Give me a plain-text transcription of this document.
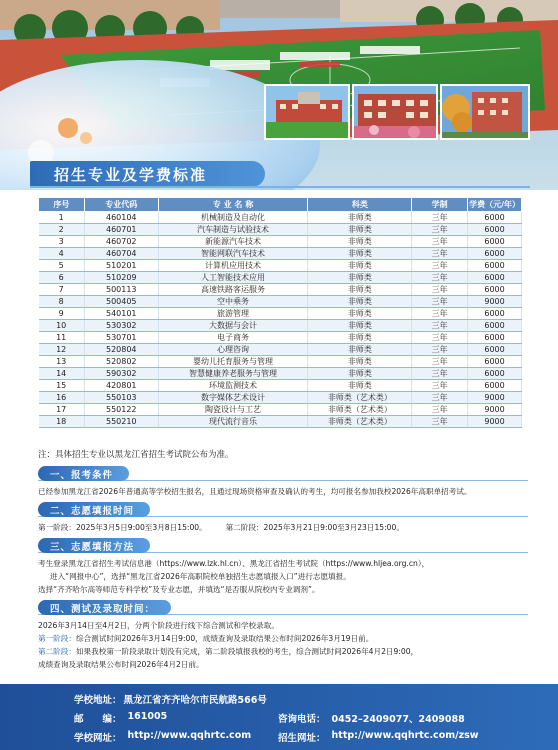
招生专业及学费标准
序号	专业代码	专 业 名 称	科类	学制	学费（元/年）
1	460104	机械制造及自动化	非师类	三年	6000
2	460701	汽车制造与试验技术	非师类	三年	6000
3	460702	新能源汽车技术	非师类	三年	6000
4	460704	智能网联汽车技术	非师类	三年	6000
5	510201	计算机应用技术	非师类	三年	6000
6	510209	人工智能技术应用	非师类	三年	6000
7	500113	高速铁路客运服务	非师类	三年	6000
8	500405	空中乘务	非师类	三年	9000
9	540101	旅游管理	非师类	三年	6000
10	530302	大数据与会计	非师类	三年	6000
11	530701	电子商务	非师类	三年	6000
12	520804	心理咨询	非师类	三年	6000
13	520802	婴幼儿托育服务与管理	非师类	三年	6000
14	590302	智慧健康养老服务与管理	非师类	三年	6000
15	420801	环境监测技术	非师类	三年	6000
16	550103	数字媒体艺术设计	非师类（艺术类）	三年	9000
17	550122	陶瓷设计与工艺	非师类（艺术类）	三年	9000
18	550210	现代流行音乐	非师类（艺术类）	三年	9000
注：具体招生专业以黑龙江省招生考试院公布为准。
一、报考条件
已经参加黑龙江省2026年普通高等学校招生报名，且通过现场资格审查及确认的考生，均可报名参加我校2026年高职单招考试。
二、志愿填报时间
第一阶段：2025年3月5日9:00至3月8日15:00。 第二阶段：2025年3月21日9:00至3月23日15:00。
三、志愿填报方法
考生登录黑龙江省招生考试信息港（https://www.lzk.hl.cn）、黑龙江省招生考试院（https://www.hljea.org.cn），
进入“网报中心”，选择“黑龙江省2026年高职院校单独招生志愿填报入口”进行志愿填报。
选择“齐齐哈尔高等师范专科学校”及专业志愿，并填选“是否服从院校内专业调剂”。
四、测试及录取时间：
2026年3月14日至4月2日，分两个阶段进行线下综合测试和学校录取。
第一阶段：综合测试时间2026年3月14日9:00，成绩查询及录取结果公布时间2026年3月19日前。
第二阶段：如果我校第一阶段录取计划没有完成，第二阶段填报我校的考生，综合测试时间2026年4月2日9:00，
成绩查询及录取结果公布时间2026年4月2日前。
学校地址： 黑龙江省齐齐哈尔市民航路566号
邮　　编： 161005	咨询电话： 0452–2409077、2409088
学校网址： http://www.qqhrtc.com	招生网址： http://www.qqhrtc.com/zsw
